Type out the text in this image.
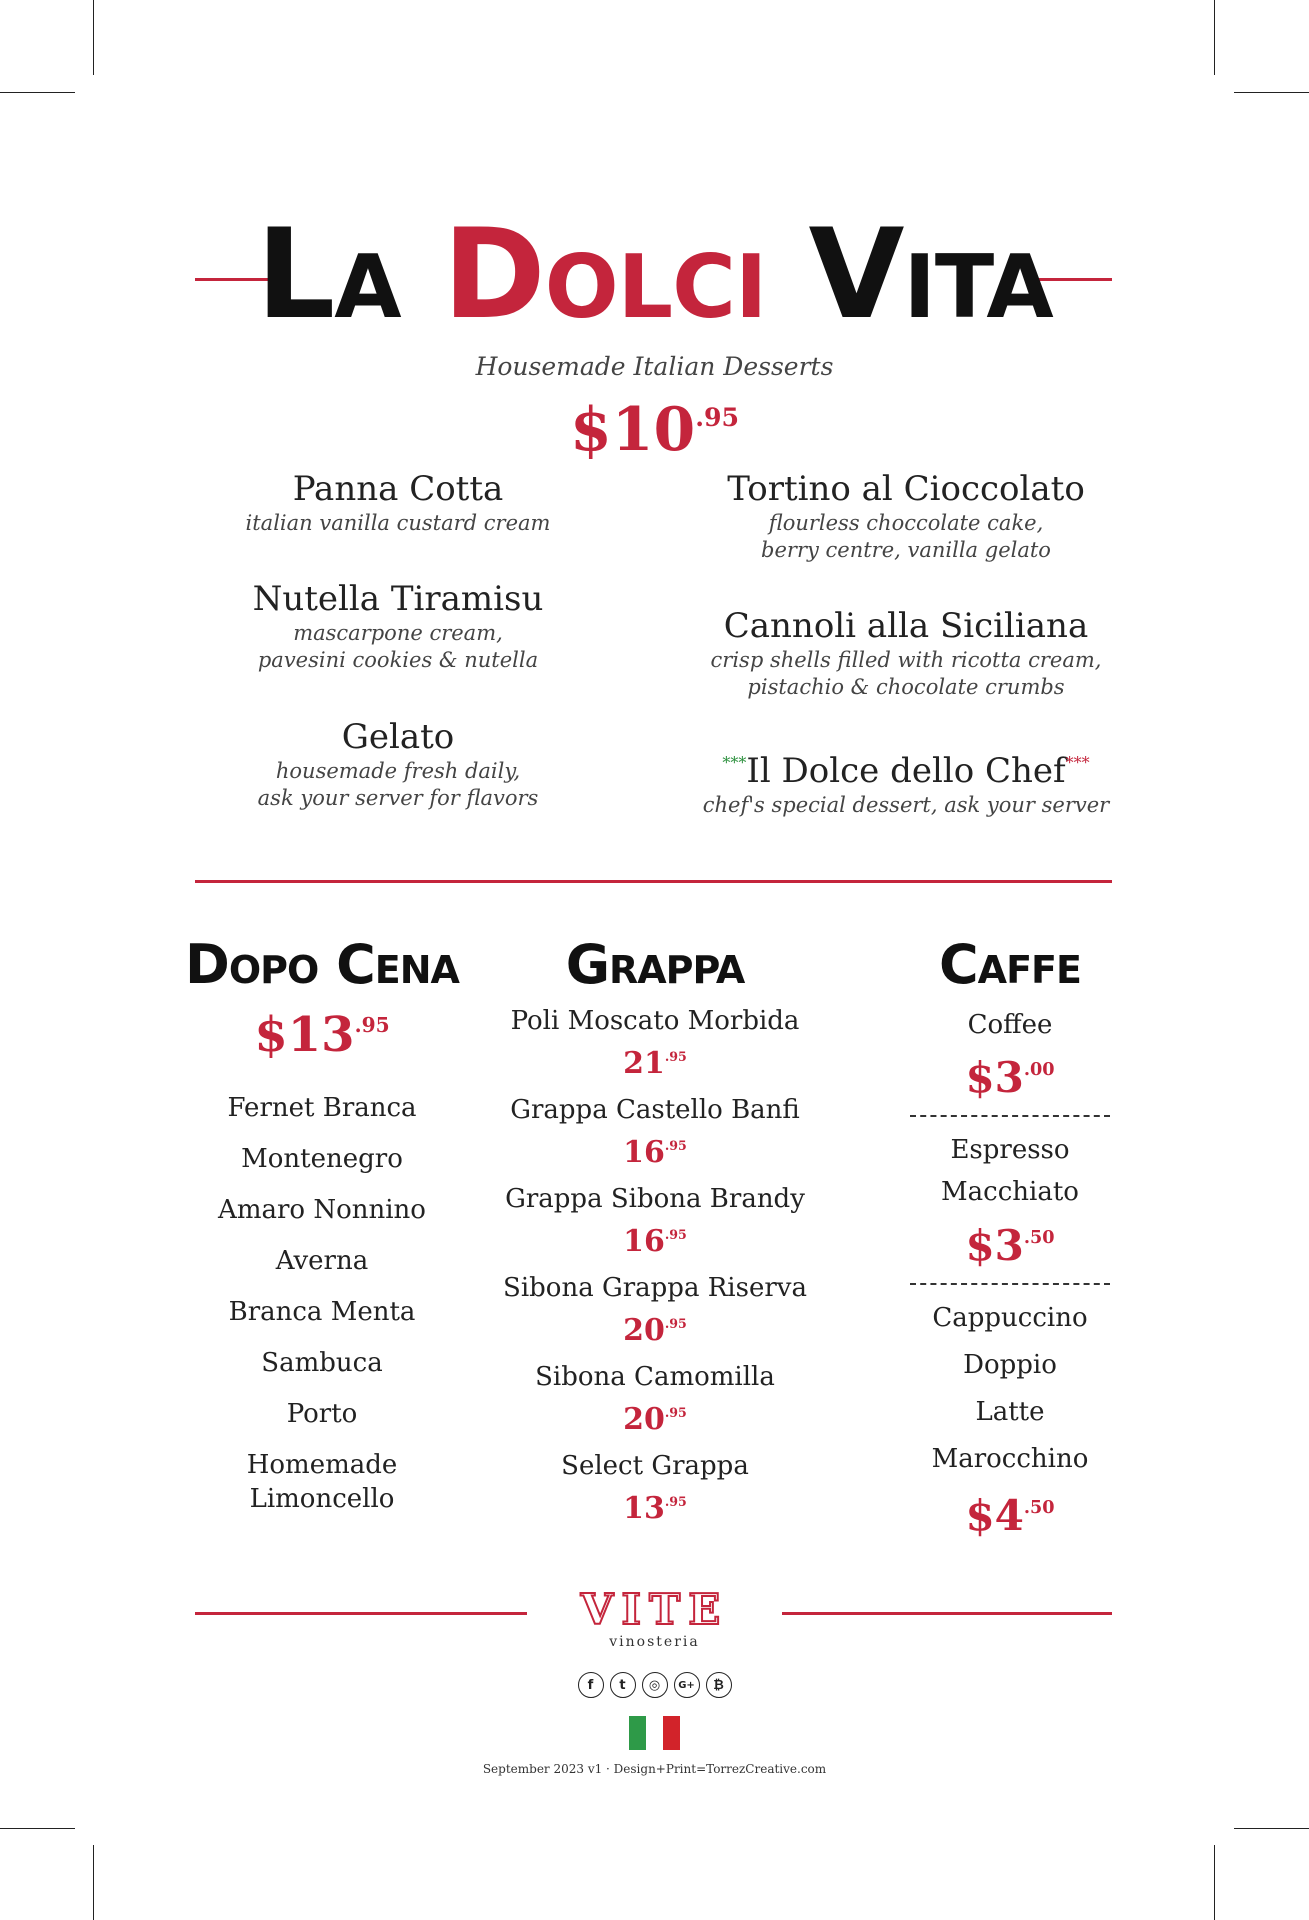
La Dolci Vita
Housemade Italian Desserts
$\$10^{.95}$
Panna Cotta
italian vanilla custard cream
Nutella Tiramisu
mascarpone cream,
pavesini cookies & nutella
Gelato
housemade fresh daily,
ask your server for flavors
Tortino al Cioccolato
flourless choccolate cake,
berry centre, vanilla gelato
Cannoli alla Siciliana
crisp shells filled with ricotta cream,
pistachio & chocolate crumbs
***Il Dolce dello Chef***
chef's special dessert, ask your server
Dopo Cena
$\$13^{.95}$
Fernet Branca
Montenegro
Amaro Nonnino
Averna
Branca Menta
Sambuca
Porto
Homemade
Limoncello
Grappa
Poli Moscato Morbida
$21^{.95}$
Grappa Castello Banfi
$16^{.95}$
Grappa Sibona Brandy
$16^{.95}$
Sibona Grappa Riserva
$20^{.95}$
Sibona Camomilla
$20^{.95}$
Select Grappa
$13^{.95}$
Caffe
Coffee
$\$3^{.00}$
Espresso
Macchiato
$\$3^{.50}$
Cappuccino
Doppio
Latte
Marocchino
$\$4^{.50}$
VITE
vinosteria
f	t	◎	G+	₿
September 2023 v1 · Design+Print=TorrezCreative.com
